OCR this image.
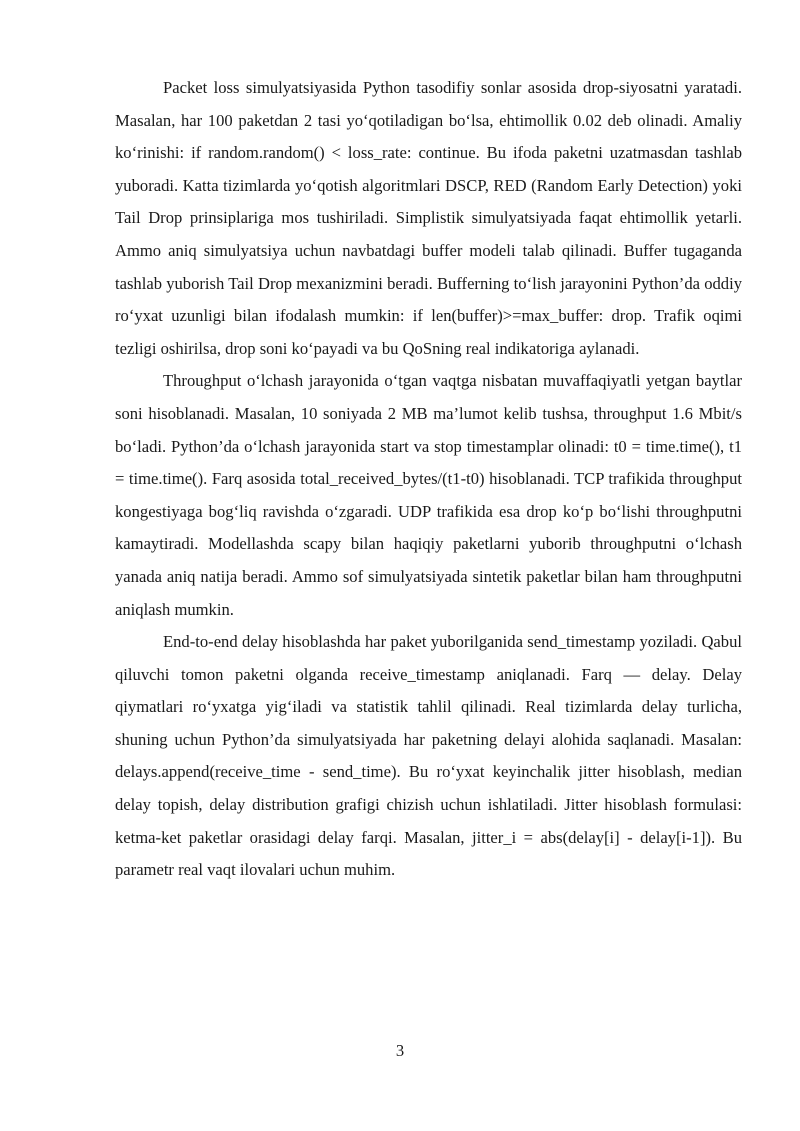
Packet loss simulyatsiyasida Python tasodifiy sonlar asosida drop-siyosatni yaratadi. Masalan, har 100 paketdan 2 tasi yo‘qotiladigan bo‘lsa, ehtimollik 0.02 deb olinadi. Amaliy ko‘rinishi: if random.random() < loss_rate: continue. Bu ifoda paketni uzatmasdan tashlab yuboradi. Katta tizimlarda yo‘qotish algoritmlari DSCP, RED (Random Early Detection) yoki Tail Drop prinsiplariga mos tushiriladi. Simplistik simulyatsiyada faqat ehtimollik yetarli. Ammo aniq simulyatsiya uchun navbatdagi buffer modeli talab qilinadi. Buffer tugaganda tashlab yuborish Tail Drop mexanizmini beradi. Bufferning to‘lish jarayonini Python’da oddiy ro‘yxat uzunligi bilan ifodalash mumkin: if len(buffer)>=max_buffer: drop. Trafik oqimi tezligi oshirilsa, drop soni ko‘payadi va bu QoSning real indikatoriga aylanadi.

Throughput o‘lchash jarayonida o‘tgan vaqtga nisbatan muvaffaqiyatli yetgan baytlar soni hisoblanadi. Masalan, 10 soniyada 2 MB ma’lumot kelib tushsa, throughput 1.6 Mbit/s bo‘ladi. Python’da o‘lchash jarayonida start va stop timestamplar olinadi: t0 = time.time(), t1 = time.time(). Farq asosida total_received_bytes/(t1-t0) hisoblanadi. TCP trafikida throughput kongestiyaga bog‘liq ravishda o‘zgaradi. UDP trafikida esa drop ko‘p bo‘lishi throughputni kamaytiradi. Modellashda scapy bilan haqiqiy paketlarni yuborib throughputni o‘lchash yanada aniq natija beradi. Ammo sof simulyatsiyada sintetik paketlar bilan ham throughputni aniqlash mumkin.

End-to-end delay hisoblashda har paket yuborilganida send_timestamp yoziladi. Qabul qiluvchi tomon paketni olganda receive_timestamp aniqlanadi. Farq — delay. Delay qiymatlari ro‘yxatga yig‘iladi va statistik tahlil qilinadi. Real tizimlarda delay turlicha, shuning uchun Python’da simulyatsiyada har paketning delayi alohida saqlanadi. Masalan: delays.append(receive_time - send_time). Bu ro‘yxat keyinchalik jitter hisoblash, median delay topish, delay distribution grafigi chizish uchun ishlatiladi. Jitter hisoblash formulasi: ketma-ket paketlar orasidagi delay farqi. Masalan, jitter_i = abs(delay[i] - delay[i-1]). Bu parametr real vaqt ilovalari uchun muhim.

3
